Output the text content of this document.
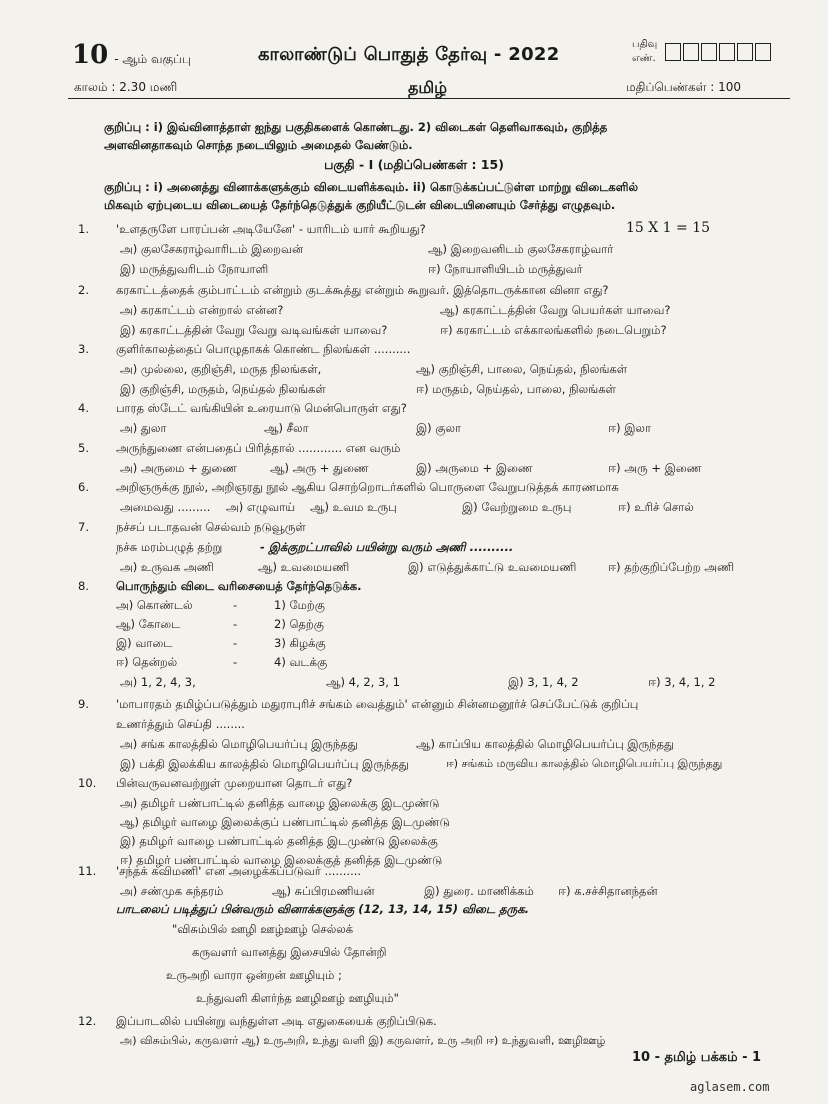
10 - ஆம் வகுப்பு	காலாண்டுப் பொதுத் தேர்வு - 2022
தமிழ்
காலம் : 2.30 மணி	மதிப்பெண்கள் : 100
பதிவு
எண்.
குறிப்பு : i) இவ்வினாத்தாள் ஐந்து பகுதிகளைக் கொண்டது. 2) விடைகள் தெளிவாகவும், குறித்த
அளவினதாகவும் சொந்த நடையிலும் அமைதல் வேண்டும்.
பகுதி - I (மதிப்பெண்கள் : 15)
குறிப்பு : i) அனைத்து வினாக்களுக்கும் விடையளிக்கவும். ii) கொடுக்கப்பட்டுள்ள மாற்று விடைகளில்
மிகவும் ஏற்புடைய விடையைத் தேர்ந்தெடுத்துக் குறியீட்டுடன் விடையினையும் சேர்த்து எழுதவும்.
15 X 1 = 15
1. 'உளதருளே பாரப்பன் அடியேனே' - யாரிடம் யார் கூறியது?
அ) குலசேகராழ்வாரிடம் இறைவன்	ஆ) இறைவனிடம் குலசேகராழ்வார்
இ) மருத்துவரிடம் நோயாளி	ஈ) நோயாளியிடம் மருத்துவர்
2. கரகாட்டத்தைக் கும்பாட்டம் என்றும் குடக்கூத்து என்றும் கூறுவர். இத்தொடருக்கான வினா எது?
அ) கரகாட்டம் என்றால் என்ன?	ஆ) கரகாட்டத்தின் வேறு பெயர்கள் யாவை?
இ) கரகாட்டத்தின் வேறு வேறு வடிவங்கள் யாவை?	ஈ) கரகாட்டம் எக்காலங்களில் நடைபெறும்?
3. குளிர்காலத்தைப் பொழுதாகக் கொண்ட நிலங்கள் ..........
அ) முல்லை, குறிஞ்சி, மருத நிலங்கள்,	ஆ) குறிஞ்சி, பாலை, நெய்தல், நிலங்கள்
இ) குறிஞ்சி, மருதம், நெய்தல் நிலங்கள்	ஈ) மருதம், நெய்தல், பாலை, நிலங்கள்
4. பாரத ஸ்டேட் வங்கியின் உரையாடு மென்பொருள் எது?
அ) துலா	ஆ) சீலா	இ) குலா	ஈ) இலா
5. அருந்துணை என்பதைப் பிரித்தால் ............ என வரும்
அ) அருமை + துணை	ஆ) அரு + துணை	இ) அருமை + இணை	ஈ) அரு + இணை
6. அறிஞருக்கு நூல், அறிஞரது நூல் ஆகிய சொற்றொடர்களில் பொருளை வேறுபடுத்தக் காரணமாக
அமைவது ......... அ) எழுவாய் ஆ) உவம உருபு	இ) வேற்றுமை உருபு	ஈ) உரிச் சொல்
7. நச்சப் படாதவன் செல்வம் நடுவூருள்
நச்சு மரம்பழுத் தற்று	- இக்குறட்பாவில் பயின்று வரும் அணி ..........
அ) உருவக அணி	ஆ) உவமையணி	இ) எடுத்துக்காட்டு உவமையணி	ஈ) தற்குறிப்பேற்ற அணி
8. பொருந்தும் விடை வரிசையைத் தேர்ந்தெடுக்க.
அ) கொண்டல்	-	1) மேற்கு
ஆ) கோடை	-	2) தெற்கு
இ) வாடை	-	3) கிழக்கு
ஈ) தென்றல்	-	4) வடக்கு
அ) 1, 2, 4, 3,	ஆ) 4, 2, 3, 1	இ) 3, 1, 4, 2	ஈ) 3, 4, 1, 2
9. 'மாபாரதம் தமிழ்ப்படுத்தும் மதுராபுரிச் சங்கம் வைத்தும்' என்னும் சின்னமனூர்ச் செப்பேட்டுக் குறிப்பு
உணர்த்தும் செய்தி ........
அ) சங்க காலத்தில் மொழிபெயர்ப்பு இருந்தது	ஆ) காப்பிய காலத்தில் மொழிபெயர்ப்பு இருந்தது
இ) பக்தி இலக்கிய காலத்தில் மொழிபெயர்ப்பு இருந்தது	ஈ) சங்கம் மருவிய காலத்தில் மொழிபெயர்ப்பு இருந்தது
10. பின்வருவனவற்றுள் முறையான தொடர் எது?
அ) தமிழர் பண்பாட்டில் தனித்த வாழை இலைக்கு இடமுண்டு
ஆ) தமிழர் வாழை இலைக்குப் பண்பாட்டில் தனித்த இடமுண்டு
இ) தமிழர் வாழை பண்பாட்டில் தனித்த இடமுண்டு இலைக்கு
ஈ) தமிழர் பண்பாட்டில் வாழை இலைக்குத் தனித்த இடமுண்டு
11. 'சந்தக் கவிமணி' என அழைக்கப்படுவர் ..........
அ) சண்முக சுந்தரம்	ஆ) சுப்பிரமணியன்	இ) துரை. மாணிக்கம் ஈ) க.சச்சிதானந்தன்
பாடலைப் படித்துப் பின்வரும் வினாக்களுக்கு (12, 13, 14, 15) விடை தருக.
"விசும்பில் ஊழி ஊழ்ஊழ் செல்லக்
கருவளர் வானத்து இசையில் தோன்றி
உருஅறி வாரா ஒன்றன் ஊழியும் ;
உந்துவளி கிளர்ந்த ஊழிஊழ் ஊழியும்"
12. இப்பாடலில் பயின்று வந்துள்ள அடி எதுகையைக் குறிப்பிடுக.
அ) விசும்பில், கருவளர் ஆ) உருஅறி, உந்து வளி இ) கருவளர், உரு அறி ஈ) உந்துவளி, ஊழிஊழ்
10 - தமிழ் பக்கம் - 1
aglasem.com
